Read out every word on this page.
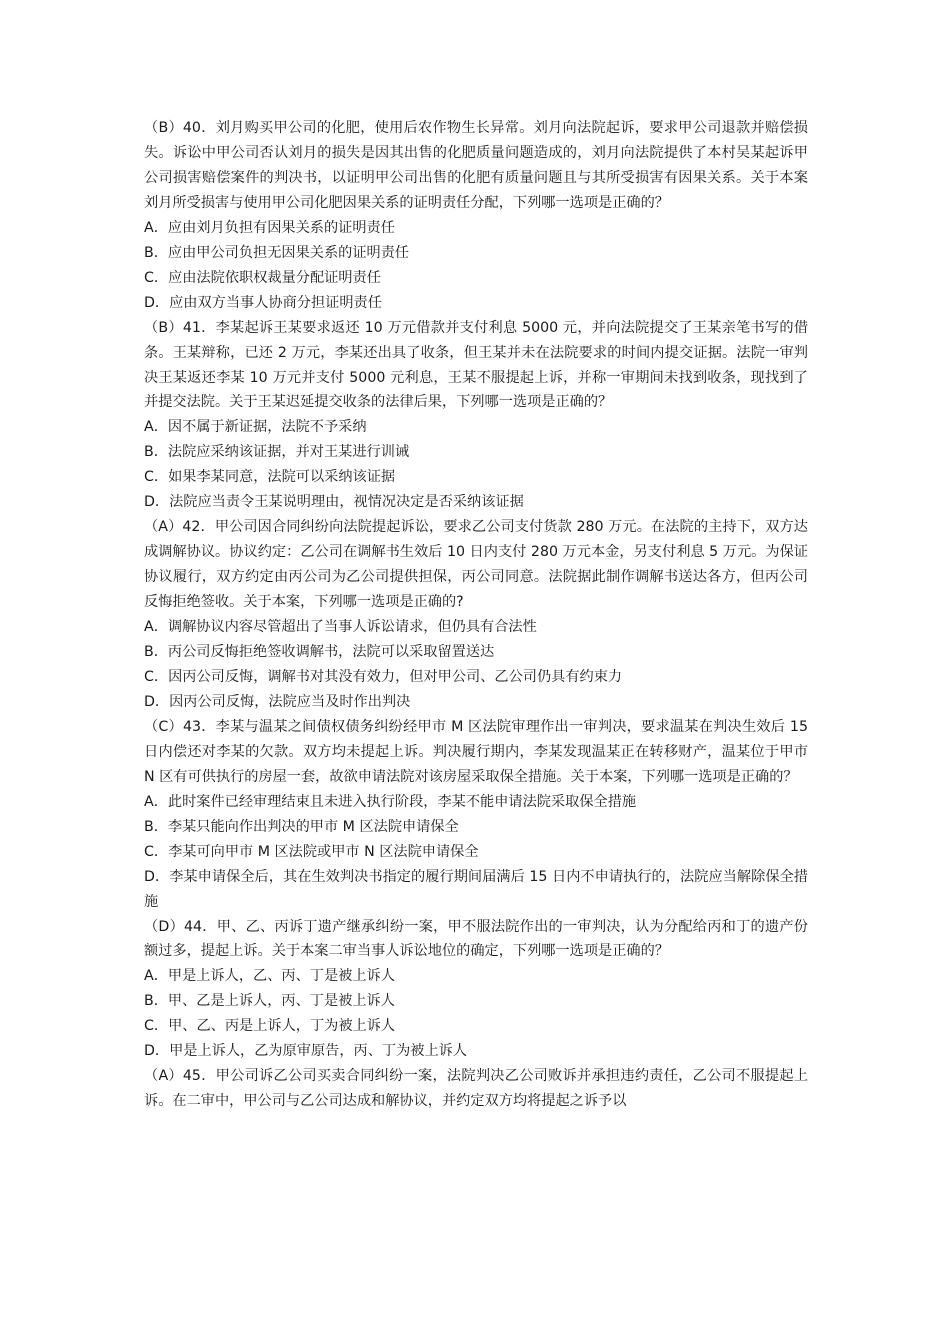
（B）40．刘月购买甲公司的化肥，使用后农作物生长异常。刘月向法院起诉，要求甲公司退款并赔偿损失。诉讼中甲公司否认刘月的损失是因其出售的化肥质量问题造成的，刘月向法院提供了本村吴某起诉甲公司损害赔偿案件的判决书，以证明甲公司出售的化肥有质量问题且与其所受损害有因果关系。关于本案刘月所受损害与使用甲公司化肥因果关系的证明责任分配，下列哪一选项是正确的？

A．应由刘月负担有因果关系的证明责任

B．应由甲公司负担无因果关系的证明责任

C．应由法院依职权裁量分配证明责任

D．应由双方当事人协商分担证明责任

（B）41．李某起诉王某要求返还 10 万元借款并支付利息 5000 元，并向法院提交了王某亲笔书写的借条。王某辩称，已还 2 万元，李某还出具了收条，但王某并未在法院要求的时间内提交证据。法院一审判决王某返还李某 10 万元并支付 5000 元利息，王某不服提起上诉，并称一审期间未找到收条，现找到了并提交法院。关于王某迟延提交收条的法律后果，下列哪一选项是正确的？

A．因不属于新证据，法院不予采纳

B．法院应采纳该证据，并对王某进行训诫

C．如果李某同意，法院可以采纳该证据

D．法院应当责令王某说明理由，视情况决定是否采纳该证据

（A）42．甲公司因合同纠纷向法院提起诉讼，要求乙公司支付货款 280 万元。在法院的主持下，双方达成调解协议。协议约定：乙公司在调解书生效后 10 日内支付 280 万元本金，另支付利息 5 万元。为保证协议履行，双方约定由丙公司为乙公司提供担保，丙公司同意。法院据此制作调解书送达各方，但丙公司反悔拒绝签收。关于本案，下列哪一选项是正确的?

A．调解协议内容尽管超出了当事人诉讼请求，但仍具有合法性

B．丙公司反悔拒绝签收调解书，法院可以采取留置送达

C．因丙公司反悔，调解书对其没有效力，但对甲公司、乙公司仍具有约束力

D．因丙公司反悔，法院应当及时作出判决

（C）43．李某与温某之间债权债务纠纷经甲市 M 区法院审理作出一审判决，要求温某在判决生效后 15 日内偿还对李某的欠款。双方均未提起上诉。判决履行期内，李某发现温某正在转移财产，温某位于甲市 N 区有可供执行的房屋一套，故欲申请法院对该房屋采取保全措施。关于本案，下列哪一选项是正确的？

A．此时案件已经审理结束且未进入执行阶段，李某不能申请法院采取保全措施

B．李某只能向作出判决的甲市 M 区法院申请保全

C．李某可向甲市 M 区法院或甲市 N 区法院申请保全

D．李某申请保全后，其在生效判决书指定的履行期间届满后 15 日内不申请执行的，法院应当解除保全措施

（D）44．甲、乙、丙诉丁遗产继承纠纷一案，甲不服法院作出的一审判决，认为分配给丙和丁的遗产份额过多，提起上诉。关于本案二审当事人诉讼地位的确定，下列哪一选项是正确的？

A．甲是上诉人，乙、丙、丁是被上诉人

B．甲、乙是上诉人，丙、丁是被上诉人

C．甲、乙、丙是上诉人，丁为被上诉人

D．甲是上诉人，乙为原审原告，丙、丁为被上诉人

（A）45．甲公司诉乙公司买卖合同纠纷一案，法院判决乙公司败诉并承担违约责任，乙公司不服提起上诉。在二审中，甲公司与乙公司达成和解协议，并约定双方均将提起之诉予以
